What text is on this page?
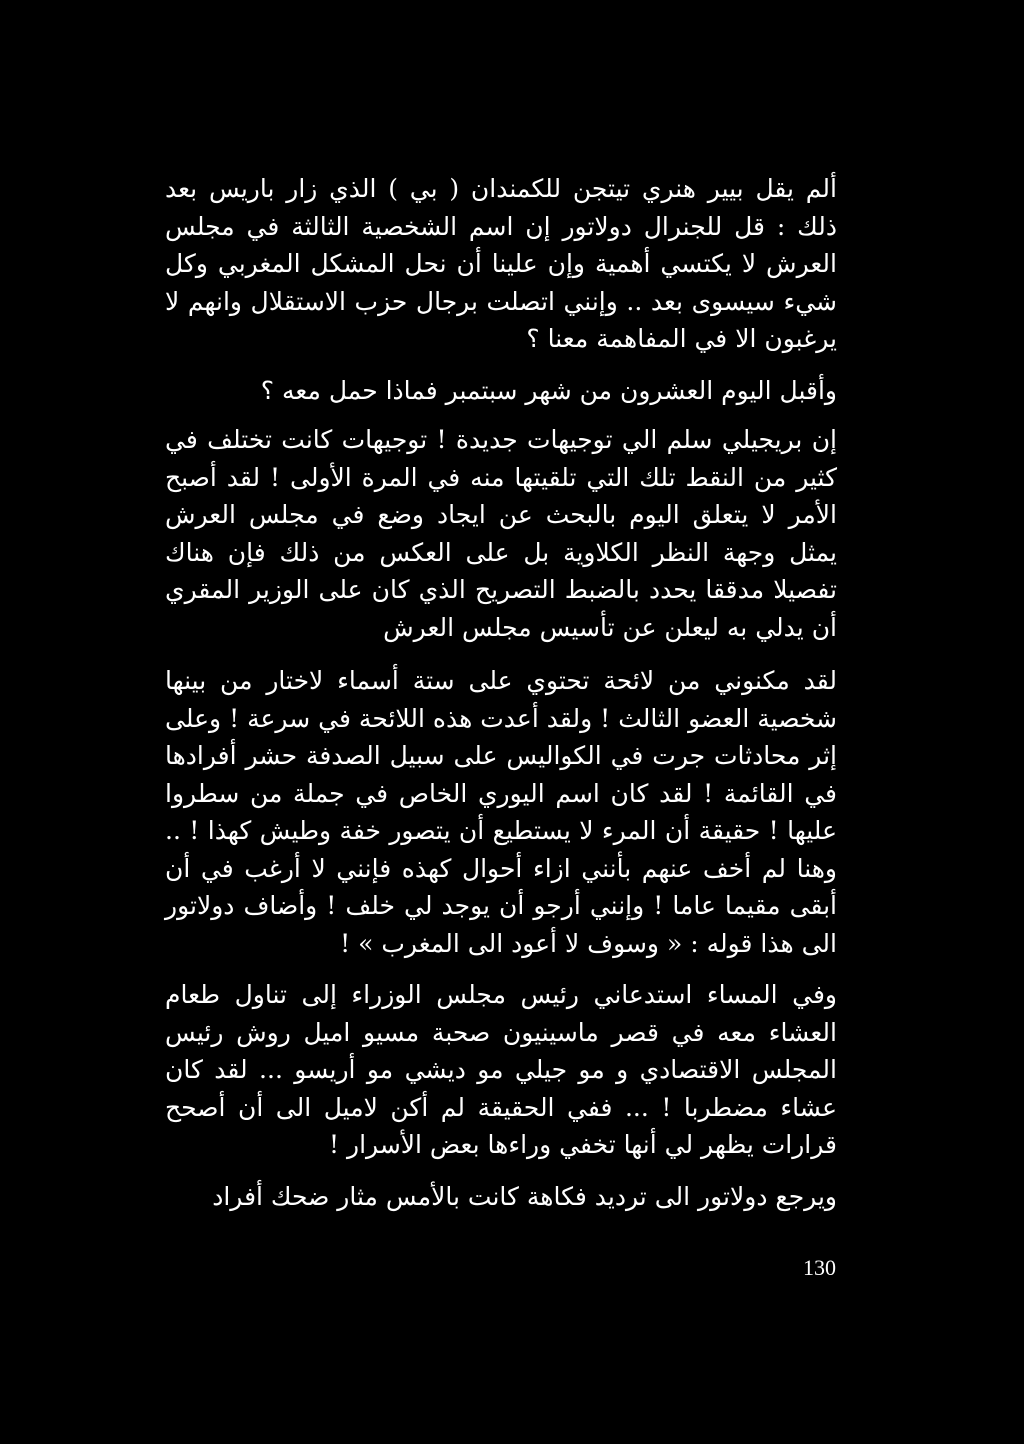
ألم يقل بيير هنري تيتجن للكمندان ( بي ) الذي زار باريس بعد ذلك : قل للجنرال دولاتور إن اسم الشخصية الثالثة في مجلس العرش لا يكتسي أهمية وإن علينا أن نحل المشكل المغربي وكل شيء سيسوى بعد .. وإنني اتصلت برجال حزب الاستقلال وانهم لا يرغبون الا في المفاهمة معنا ؟

وأقبل اليوم العشرون من شهر سبتمبر فماذا حمل معه ؟

إن بريجيلي سلم الي توجيهات جديدة ! توجيهات كانت تختلف في كثير من النقط تلك التي تلقيتها منه في المرة الأولى ! لقد أصبح الأمر لا يتعلق اليوم بالبحث عن ايجاد وضع في مجلس العرش يمثل وجهة النظر الكلاوية بل على العكس من ذلك فإن هناك تفصيلا مدققا يحدد بالضبط التصريح الذي كان على الوزير المقري أن يدلي به ليعلن عن تأسيس مجلس العرش

لقد مكنوني من لائحة تحتوي على ستة أسماء لاختار من بينها شخصية العضو الثالث ! ولقد أعدت هذه اللائحة في سرعة ! وعلى إثر محادثات جرت في الكواليس على سبيل الصدفة حشر أفرادها في القائمة ! لقد كان اسم اليوري الخاص في جملة من سطروا عليها ! حقيقة أن المرء لا يستطيع أن يتصور خفة وطيش كهذا ! .. وهنا لم أخف عنهم بأنني ازاء أحوال كهذه فإنني لا أرغب في أن أبقى مقيما عاما ! وإنني أرجو أن يوجد لي خلف ! وأضاف دولاتور الى هذا قوله : « وسوف لا أعود الى المغرب » !

وفي المساء استدعاني رئيس مجلس الوزراء إلى تناول طعام العشاء معه في قصر ماسينيون صحبة مسيو اميل روش رئيس المجلس الاقتصادي و مو جيلي مو ديشي مو أريسو ... لقد كان عشاء مضطربا ! ... ففي الحقيقة لم أكن لاميل الى أن أصحح قرارات يظهر لي أنها تخفي وراءها بعض الأسرار !

ويرجع دولاتور الى ترديد فكاهة كانت بالأمس مثار ضحك أفراد

130
